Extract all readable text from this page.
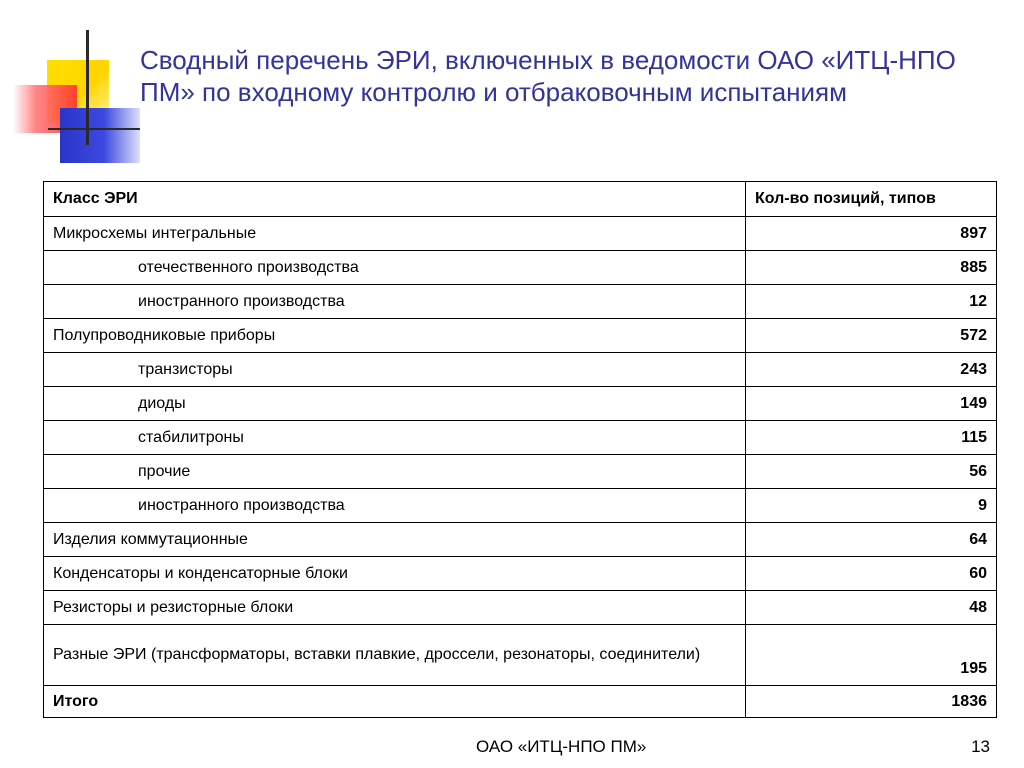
Сводный перечень ЭРИ, включенных в ведомости ОАО «ИТЦ-НПО ПМ» по входному контролю и отбраковочным испытаниям
Класс ЭРИ	Кол-во позиций, типов
Микросхемы интегральные	897
отечественного производства	885
иностранного производства	12
Полупроводниковые приборы	572
транзисторы	243
диоды	149
стабилитроны	115
прочие	56
иностранного производства	9
Изделия коммутационные	64
Конденсаторы и конденсаторные блоки	60
Резисторы и резисторные блоки	48
Разные ЭРИ (трансформаторы, вставки плавкие, дроссели, резонаторы, соединители)	195
Итого	1836
ОАО «ИТЦ-НПО ПМ»	13
